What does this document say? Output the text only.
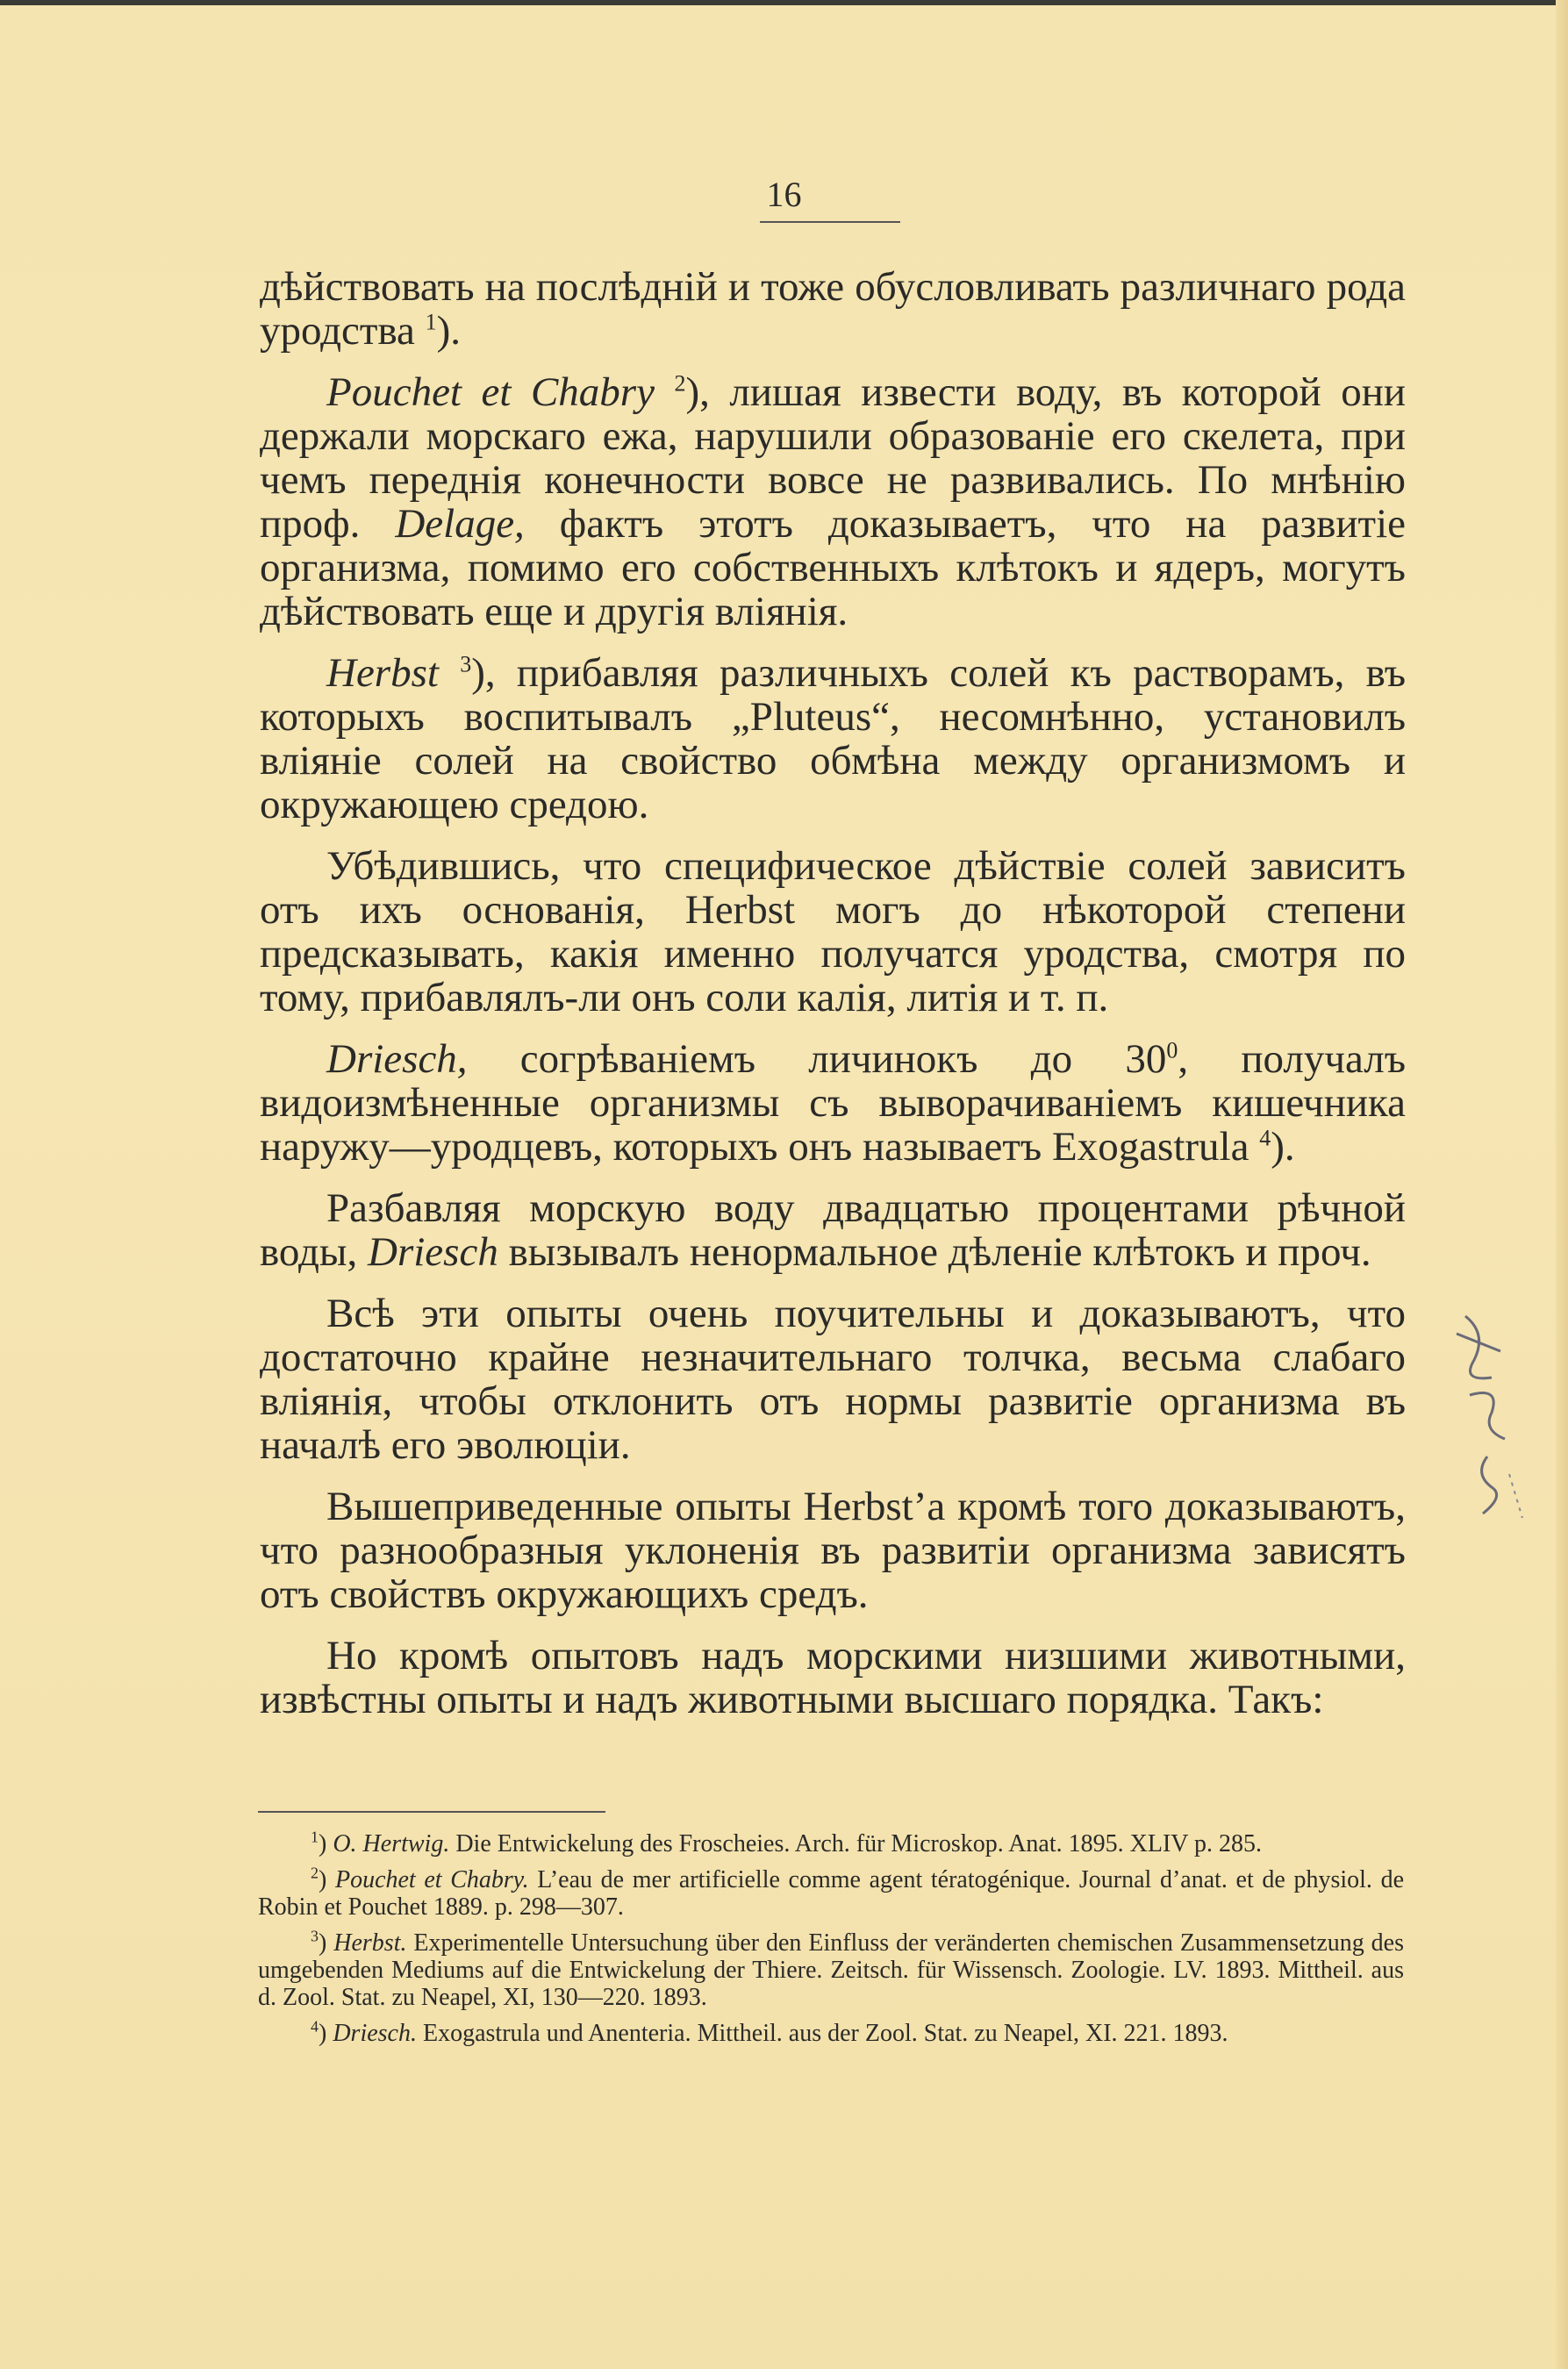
16

дѣйствовать на послѣдній и тоже обусловливать различнаго рода уродства $^1$).

Pouchet et Chabry $^2$), лишая извести воду, въ которой они держали морскаго ежа, нарушили образованіе его скелета, при чемъ переднія конечности вовсе не развивались. По мнѣнію проф. Delage, фактъ этотъ доказываетъ, что на развитіе организма, помимо его собственныхъ клѣтокъ и ядеръ, могутъ дѣйствовать еще и другія вліянія.

Herbst $^3$), прибавляя различныхъ солей къ растворамъ, въ которыхъ воспитывалъ „Pluteus“, несомнѣнно, установилъ вліяніе солей на свойство обмѣна между организмомъ и окружающею средою.

Убѣдившись, что специфическое дѣйствіе солей зависитъ отъ ихъ основанія, Herbst могъ до нѣкоторой степени предсказывать, какія именно получатся уродства, смотря по тому, прибавлялъ-ли онъ соли калія, литія и т. п.

Driesch, согрѣваніемъ личинокъ до $30^0$, получалъ видоизмѣненные организмы съ выворачиваніемъ кишечника наружу—уродцевъ, которыхъ онъ называетъ Exogastrula $^4$).

Разбавляя морскую воду двадцатью процентами рѣчной воды, Driesch вызывалъ ненормальное дѣленіе клѣтокъ и проч.

Всѣ эти опыты очень поучительны и доказываютъ, что достаточно крайне незначительнаго толчка, весьма слабаго вліянія, чтобы отклонить отъ нормы развитіе организма въ началѣ его эволюціи.

Вышеприведенные опыты Herbst’а кромѣ того доказываютъ, что разнообразныя уклоненія въ развитіи организма зависятъ отъ свойствъ окружающихъ средъ.

Но кромѣ опытовъ надъ морскими низшими животными, извѣстны опыты и надъ животными высшаго порядка. Такъ:

$^1$) O. Hertwig. Die Entwickelung des Froscheies. Arch. für Microskop. Anat. 1895. XLIV p. 285.

$^2$) Pouchet et Chabry. L’eau de mer artificielle comme agent tératogénique. Journal d’anat. et de physiol. de Robin et Pouchet 1889. p. 298—307.

$^3$) Herbst. Experimentelle Untersuchung über den Einfluss der veränderten chemischen Zusammensetzung des umgebenden Mediums auf die Entwickelung der Thiere. Zeitsch. für Wissensch. Zoologie. LV. 1893. Mittheil. aus d. Zool. Stat. zu Neapel, XI, 130—220. 1893.

$^4$) Driesch. Exogastrula und Anenteria. Mittheil. aus der Zool. Stat. zu Neapel, XI. 221. 1893.
